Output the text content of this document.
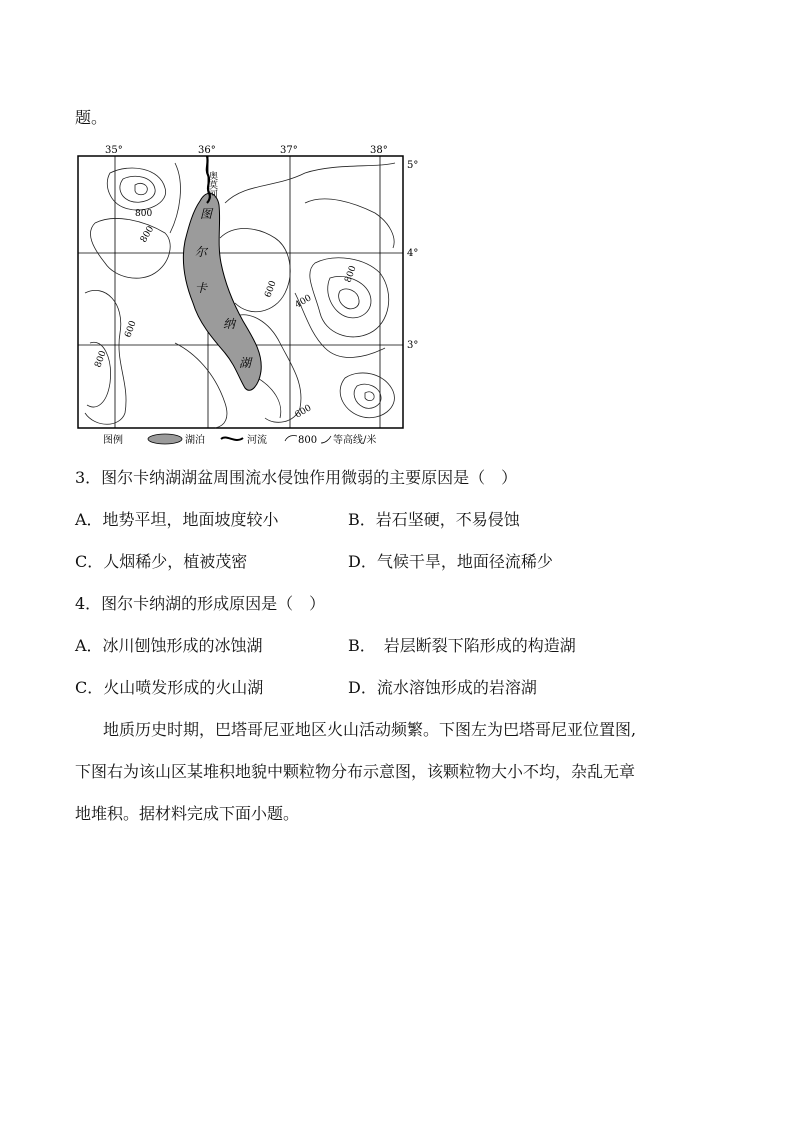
题。
35°	36°	37°	38°
5°
4°
3°
奥莫河
图
尔
卡
纳
湖
800
800
600
600
800
400
800
600
图例	湖泊	河流	800 等高线/米
3．图尔卡纳湖湖盆周围流水侵蚀作用微弱的主要原因是（　）
A．地势平坦，地面坡度较小	B．岩石坚硬，不易侵蚀
C．人烟稀少，植被茂密	D．气候干旱，地面径流稀少
4．图尔卡纳湖的形成原因是（　）
A．冰川刨蚀形成的冰蚀湖	B．　岩层断裂下陷形成的构造湖
C．火山喷发形成的火山湖	D．流水溶蚀形成的岩溶湖
地质历史时期，巴塔哥尼亚地区火山活动频繁。下图左为巴塔哥尼亚位置图,
下图右为该山区某堆积地貌中颗粒物分布示意图，该颗粒物大小不均，杂乱无章
地堆积。据材料完成下面小题。
